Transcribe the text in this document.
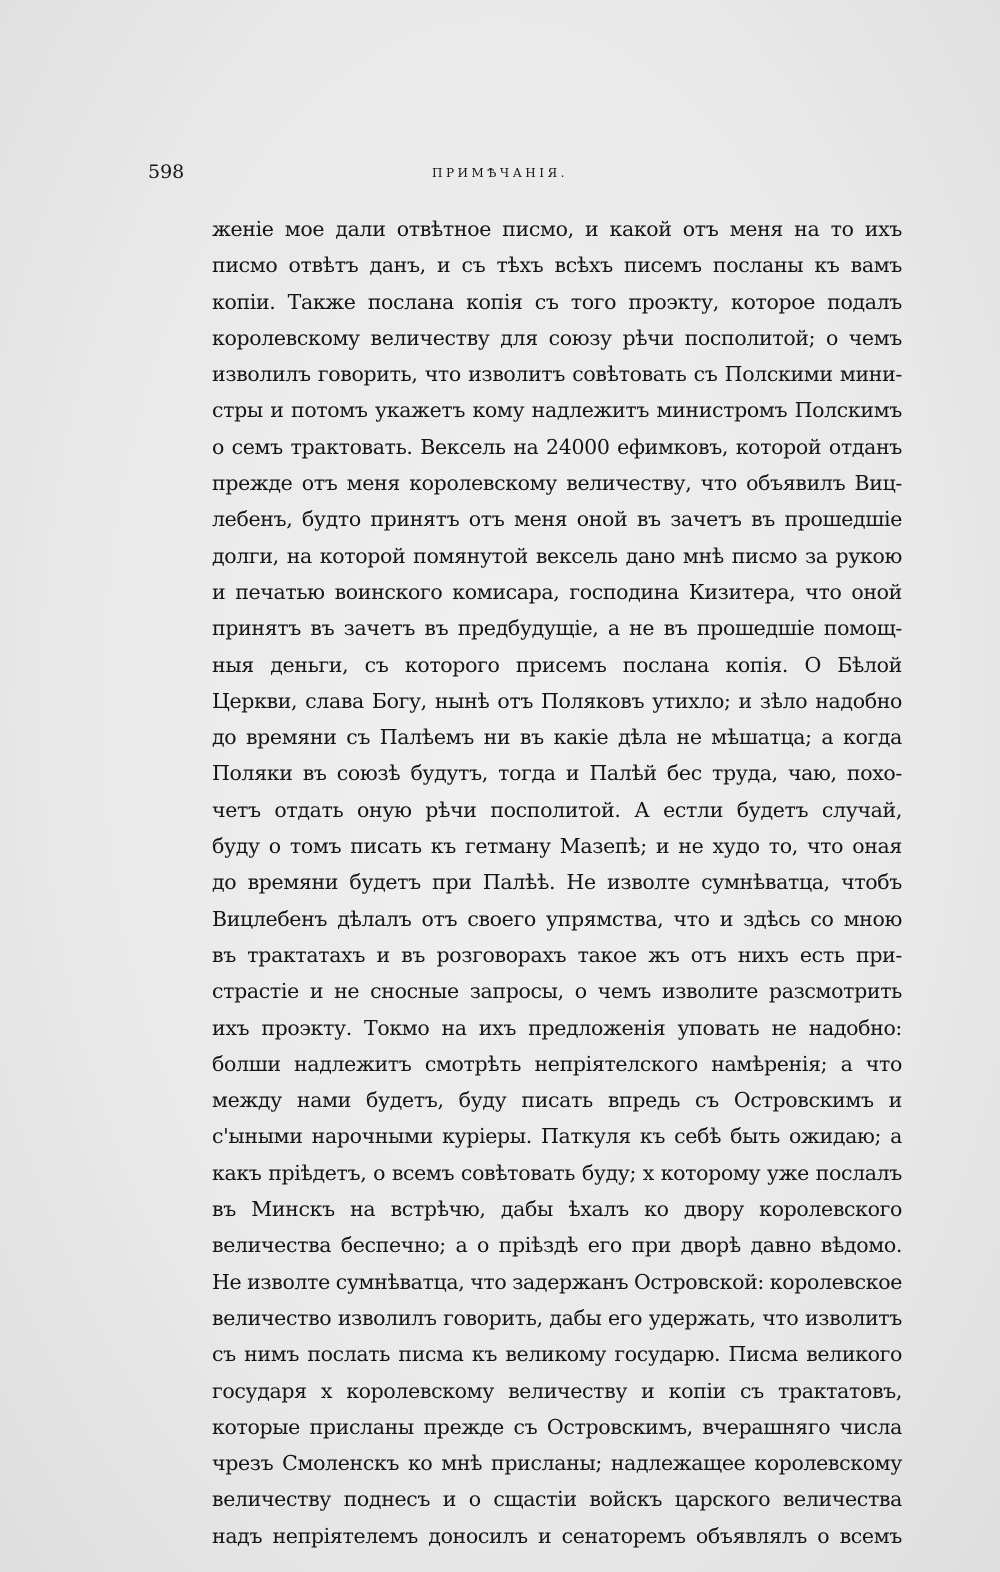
598	ПРИМѢЧАНІЯ.
женіе мое дали отвѣтное писмо, и какой отъ меня на то ихъ
писмо отвѣтъ данъ, и съ тѣхъ всѣхъ писемъ посланы къ вамъ
копіи. Также послана копія съ того проэкту, которое подалъ
королевскому величеству для союзу рѣчи посполитой; о чемъ
изволилъ говорить, что изволитъ совѣтовать съ Полскими мини-
стры и потомъ укажетъ кому надлежитъ министромъ Полскимъ
о семъ трактовать. Вексель на 24000 ефимковъ, которой отданъ
прежде отъ меня королевскому величеству, что объявилъ Виц-
лебенъ, будто принятъ отъ меня оной въ зачетъ въ прошедшіе
долги, на которой помянутой вексель дано мнѣ писмо за рукою
и печатью воинского комисара, господина Кизитера, что оной
принятъ въ зачетъ въ предбудущіе, а не въ прошедшіе помощ-
ныя деньги, съ которого присемъ послана копія. О Бѣлой
Церкви, слава Богу, нынѣ отъ Поляковъ утихло; и зѣло надобно
до времяни съ Палѣемъ ни въ какіе дѣла не мѣшатца; а когда
Поляки въ союзѣ будутъ, тогда и Палѣй бес труда, чаю, похо-
четъ отдать оную рѣчи посполитой. А естли будетъ случай,
буду о томъ писать къ гетману Мазепѣ; и не худо то, что оная
до времяни будетъ при Палѣѣ. Не изволте сумнѣватца, чтобъ
Вицлебенъ дѣлалъ отъ своего упрямства, что и здѣсь со мною
въ трактатахъ и въ розговорахъ такое жъ отъ нихъ есть при-
страстіе и не сносные запросы, о чемъ изволите разсмотрить
ихъ проэкту. Токмо на ихъ предложенія уповать не надобно:
болши надлежитъ смотрѣть непріятелского намѣренія; а что
между нами будетъ, буду писать впредь съ Островскимъ и
с'ыными нарочными куріеры. Паткуля къ себѣ быть ожидаю; а
какъ пріѣдетъ, о всемъ совѣтовать буду; х которому уже послалъ
въ Минскъ на встрѣчю, дабы ѣхалъ ко двору королевского
величества беспечно; а о пріѣздѣ его при дворѣ давно вѣдомо.
Не изволте сумнѣватца, что задержанъ Островской: королевское
величество изволилъ говорить, дабы его удержать, что изволитъ
съ нимъ послать писма къ великому государю. Писма великого
государя х королевскому величеству и копіи съ трактатовъ,
которые присланы прежде съ Островскимъ, вчерашняго числа
чрезъ Смоленскъ ко мнѣ присланы; надлежащее королевскому
величеству поднесъ и о сщастіи войскъ царского величества
надъ непріятелемъ доносилъ и сенаторемъ объявлялъ о всемъ
